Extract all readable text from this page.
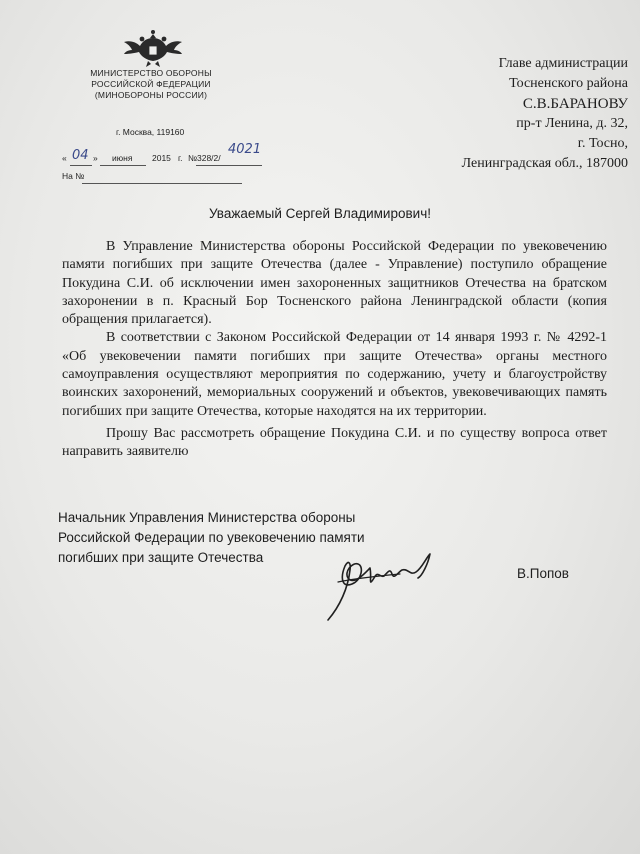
МИНИСТЕРСТВО ОБОРОНЫ
РОССИЙСКОЙ ФЕДЕРАЦИИ
(МИНОБОРОНЫ РОССИИ)
г. Москва, 119160
« 04 » июня 2015 г. № 328/2/
4021
На №
Главе администрации
Тосненского района
С.В.БАРАНОВУ
пр-т Ленина, д. 32,
г. Тосно,
Ленинградская обл., 187000
Уважаемый Сергей Владимирович!

В Управление Министерства обороны Российской Федерации по увековечению памяти погибших при защите Отечества (далее - Управление) поступило обращение Покудина С.И. об исключении имен захороненных защитников Отечества на братском захоронении в п. Красный Бор Тосненского района Ленинградской области (копия обращения прилагается).

В соответствии с Законом Российской Федерации от 14 января 1993 г. № 4292-1 «Об увековечении памяти погибших при защите Отечества» органы местного самоуправления осуществляют мероприятия по содержанию, учету и благоустройству воинских захоронений, мемориальных сооружений и объектов, увековечивающих память погибших при защите Отечества, которые находятся на их территории.

Прошу Вас рассмотреть обращение Покудина С.И. и по существу вопроса ответ направить заявителю

Начальник Управления Министерства обороны
Российской Федерации по увековечению памяти
погибших при защите Отечества
В.Попов
